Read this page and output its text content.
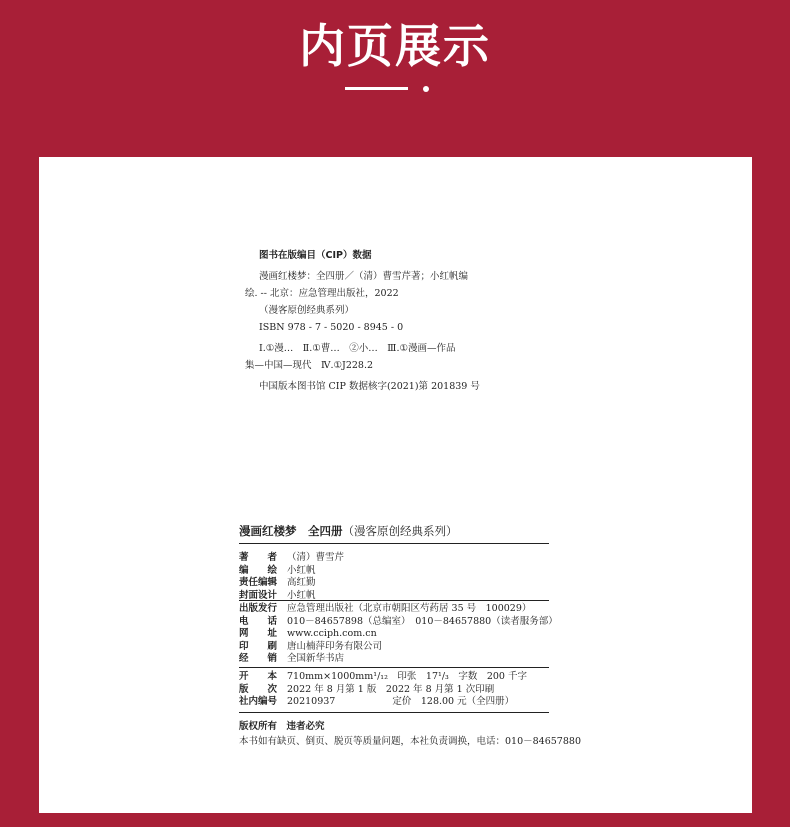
内页展示
图书在版编目（CIP）数据
漫画红楼梦：全四册／（清）曹雪芹著；小红帆编
绘. -- 北京：应急管理出版社，2022
（漫客原创经典系列）
ISBN 978 - 7 - 5020 - 8945 - 0
Ⅰ.①漫…　Ⅱ.①曹…　②小…　Ⅲ.①漫画—作品
集—中国—现代　Ⅳ.①J228.2
中国版本图书馆 CIP 数据核字(2021)第 201839 号
漫画红楼梦　全四册（漫客原创经典系列）
著　　者	（清）曹雪芹
编　　绘	小红帆
责任编辑	高红勤
封面设计	小红帆
出版发行	应急管理出版社（北京市朝阳区芍药居 35 号　100029）
电　　话	010－84657898（总编室）　010－84657880（读者服务部）
网　　址	www.cciph.com.cn
印　　刷	唐山楠萍印务有限公司
经　　销	全国新华书店
开　　本	710mm×1000mm¹/₁₂　印张　17¹/₃　字数　200 千字
版　　次	2022 年 8 月第 1 版　2022 年 8 月第 1 次印刷
社内编号	20210937　　　　　　定价　128.00 元（全四册）
版权所有　违者必究
本书如有缺页、倒页、脱页等质量问题，本社负责调换，电话：010－84657880
